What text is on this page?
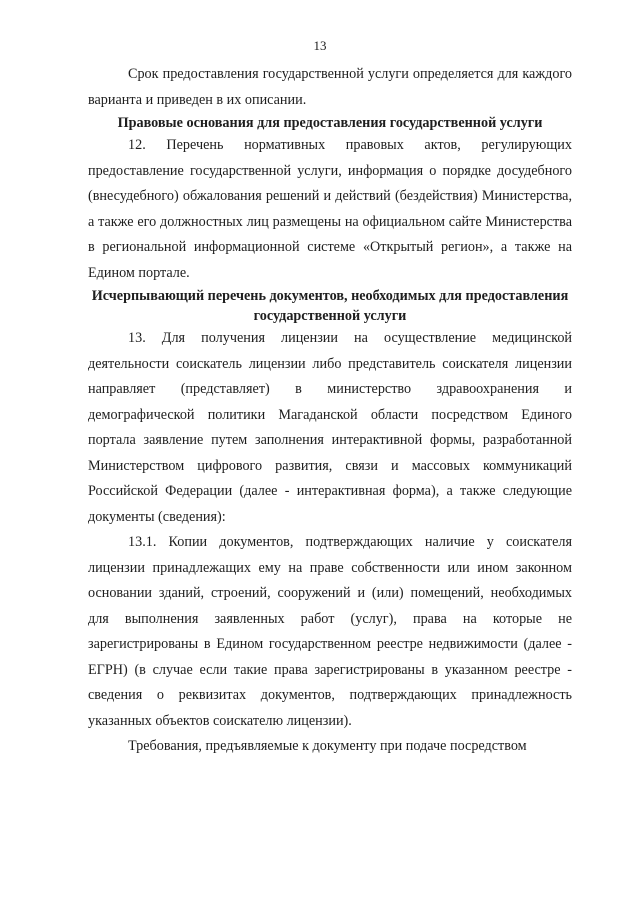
13

Срок предоставления государственной услуги определяется для каждого варианта и приведен в их описании.

Правовые основания для предоставления государственной услуги

12. Перечень нормативных правовых актов, регулирующих предоставление государственной услуги, информация о порядке досудебного (внесудебного) обжалования решений и действий (бездействия) Министерства, а также его должностных лиц размещены на официальном сайте Министерства в региональной информационной системе «Открытый регион», а также на Едином портале.

Исчерпывающий перечень документов, необходимых для предоставления государственной услуги

13. Для получения лицензии на осуществление медицинской деятельности соискатель лицензии либо представитель соискателя лицензии направляет (представляет) в министерство здравоохранения и демографической политики Магаданской области посредством Единого портала заявление путем заполнения интерактивной формы, разработанной Министерством цифрового развития, связи и массовых коммуникаций Российской Федерации (далее - интерактивная форма), а также следующие документы (сведения):

13.1. Копии документов, подтверждающих наличие у соискателя лицензии принадлежащих ему на праве собственности или ином законном основании зданий, строений, сооружений и (или) помещений, необходимых для выполнения заявленных работ (услуг), права на которые не зарегистрированы в Едином государственном реестре недвижимости (далее - ЕГРН) (в случае если такие права зарегистрированы в указанном реестре - сведения о реквизитах документов, подтверждающих принадлежность указанных объектов соискателю лицензии).

Требования, предъявляемые к документу при подаче посредством
